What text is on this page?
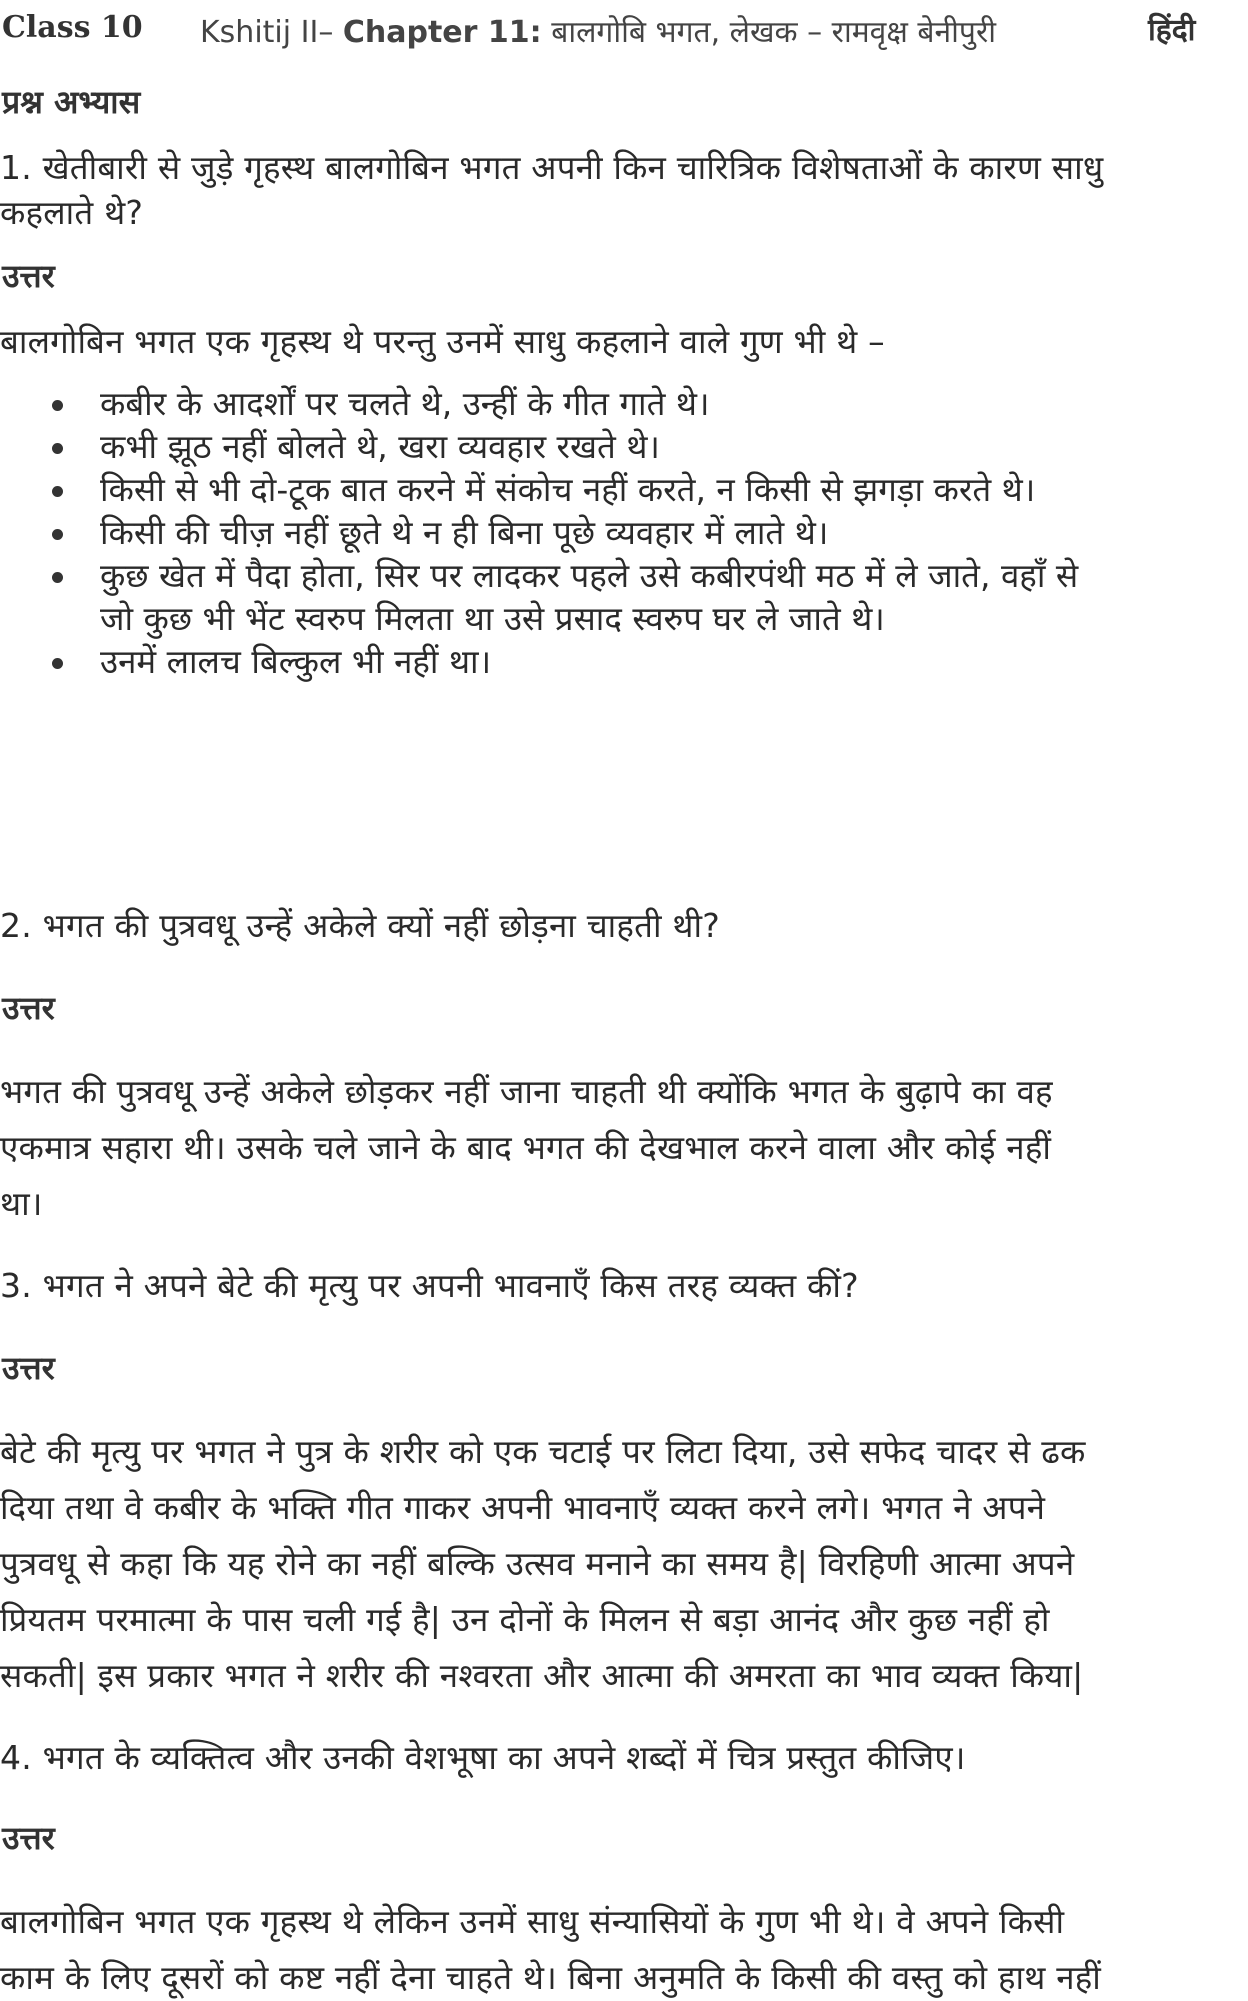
Class 10 Kshitij II– Chapter 11: बालगोबि भगत, लेखक – रामवृक्ष बेनीपुरी	हिंदी
प्रश्न अभ्यास
1. खेतीबारी से जुड़े गृहस्थ बालगोबिन भगत अपनी किन चारित्रिक विशेषताओं के कारण साधु
कहलाते थे?
उत्तर
बालगोबिन भगत एक गृहस्थ थे परन्तु उनमें साधु कहलाने वाले गुण भी थे –
कबीर के आदर्शों पर चलते थे, उन्हीं के गीत गाते थे।
कभी झूठ नहीं बोलते थे, खरा व्यवहार रखते थे।
किसी से भी दो-टूक बात करने में संकोच नहीं करते, न किसी से झगड़ा करते थे।
किसी की चीज़ नहीं छूते थे न ही बिना पूछे व्यवहार में लाते थे।
कुछ खेत में पैदा होता, सिर पर लादकर पहले उसे कबीरपंथी मठ में ले जाते, वहाँ से
जो कुछ भी भेंट स्वरुप मिलता था उसे प्रसाद स्वरुप घर ले जाते थे।
उनमें लालच बिल्कुल भी नहीं था।
2. भगत की पुत्रवधू उन्हें अकेले क्यों नहीं छोड़ना चाहती थी?
उत्तर
भगत की पुत्रवधू उन्हें अकेले छोड़कर नहीं जाना चाहती थी क्योंकि भगत के बुढ़ापे का वह
एकमात्र सहारा थी। उसके चले जाने के बाद भगत की देखभाल करने वाला और कोई नहीं
था।
3. भगत ने अपने बेटे की मृत्यु पर अपनी भावनाएँ किस तरह व्यक्त कीं?
उत्तर
बेटे की मृत्यु पर भगत ने पुत्र के शरीर को एक चटाई पर लिटा दिया, उसे सफेद चादर से ढक
दिया तथा वे कबीर के भक्ति गीत गाकर अपनी भावनाएँ व्यक्त करने लगे। भगत ने अपने
पुत्रवधू से कहा कि यह रोने का नहीं बल्कि उत्सव मनाने का समय है| विरहिणी आत्मा अपने
प्रियतम परमात्मा के पास चली गई है| उन दोनों के मिलन से बड़ा आनंद और कुछ नहीं हो
सकती| इस प्रकार भगत ने शरीर की नश्वरता और आत्मा की अमरता का भाव व्यक्त किया|
4. भगत के व्यक्तित्व और उनकी वेशभूषा का अपने शब्दों में चित्र प्रस्तुत कीजिए।
उत्तर
बालगोबिन भगत एक गृहस्थ थे लेकिन उनमें साधु संन्यासियों के गुण भी थे। वे अपने किसी
काम के लिए दूसरों को कष्ट नहीं देना चाहते थे। बिना अनुमति के किसी की वस्तु को हाथ नहीं
